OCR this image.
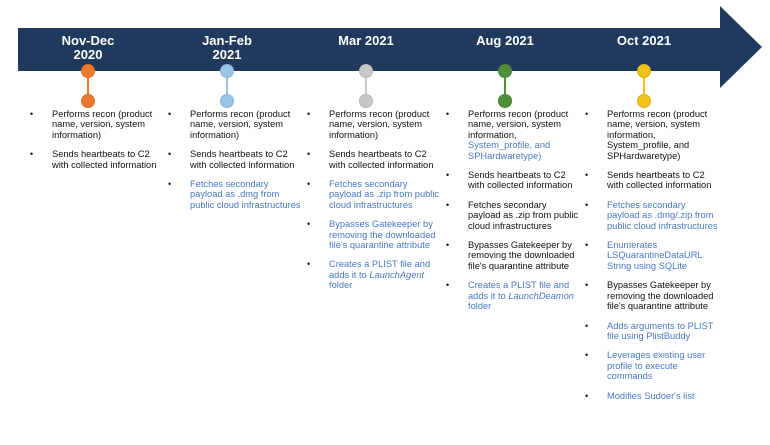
Nov-Dec
2020
• Performs recon (product name, version, system information)
• Sends heartbeats to C2 with collected information
Jan-Feb
2021
• Performs recon (product name, version, system information)
• Sends heartbeats to C2 with collected information
• Fetches secondary payload as .dmg from public cloud infrastructures
Mar 2021
• Performs recon (product name, version, system information)
• Sends heartbeats to C2 with collected information
• Fetches secondary payload as .zip from public cloud infrastructures
• Bypasses Gatekeeper by removing the downloaded file's quarantine attribute
• Creates a PLIST file and adds it to LaunchAgent folder
Aug 2021
• Performs recon (product name, version, system information, System_profile, and SPHardwaretype)
• Sends heartbeats to C2 with collected information
• Fetches secondary payload as .zip from public cloud infrastructures
• Bypasses Gatekeeper by removing the downloaded file's quarantine attribute
• Creates a PLIST file and adds it to LaunchDeamon folder
Oct 2021
• Performs recon (product name, version, system information, System_profile, and SPHardwaretype)
• Sends heartbeats to C2 with collected information
• Fetches secondary payload as .dmg/.zip from public cloud infrastructures
• Enumerates LSQuarantineDataURL String using SQLite
• Bypasses Gatekeeper by removing the downloaded file's quarantine attribute
• Adds arguments to PLIST file using PlistBuddy
• Leverages existing user profile to execute commands
• Modifies Sudoer's list
